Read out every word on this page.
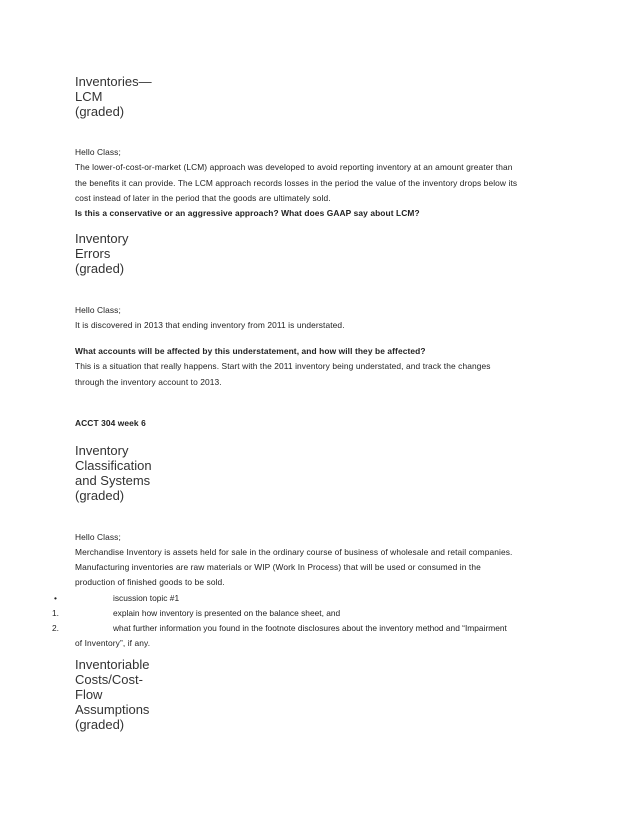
Inventories—
LCM
(graded)
Hello Class;
The lower-of-cost-or-market (LCM) approach was developed to avoid reporting inventory at an amount greater than
the benefits it can provide. The LCM approach records losses in the period the value of the inventory drops below its
cost instead of later in the period that the goods are ultimately sold.
Is this a conservative or an aggressive approach? What does GAAP say about LCM?
Inventory
Errors
(graded)
Hello Class;
It is discovered in 2013 that ending inventory from 2011 is understated.
What accounts will be affected by this understatement, and how will they be affected?
This is a situation that really happens. Start with the 2011 inventory being understated, and track the changes
through the inventory account to 2013.
ACCT 304 week 6
Inventory
Classification
and Systems
(graded)
Hello Class;
Merchandise Inventory is assets held for sale in the ordinary course of business of wholesale and retail companies.
Manufacturing inventories are raw materials or WIP (Work In Process) that will be used or consumed in the
production of finished goods to be sold.
•	iscussion topic #1
1.	explain how inventory is presented on the balance sheet, and
2.	what further information you found in the footnote disclosures about the inventory method and “Impairment
of Inventory”, if any.
Inventoriable
Costs/Cost-
Flow
Assumptions
(graded)
